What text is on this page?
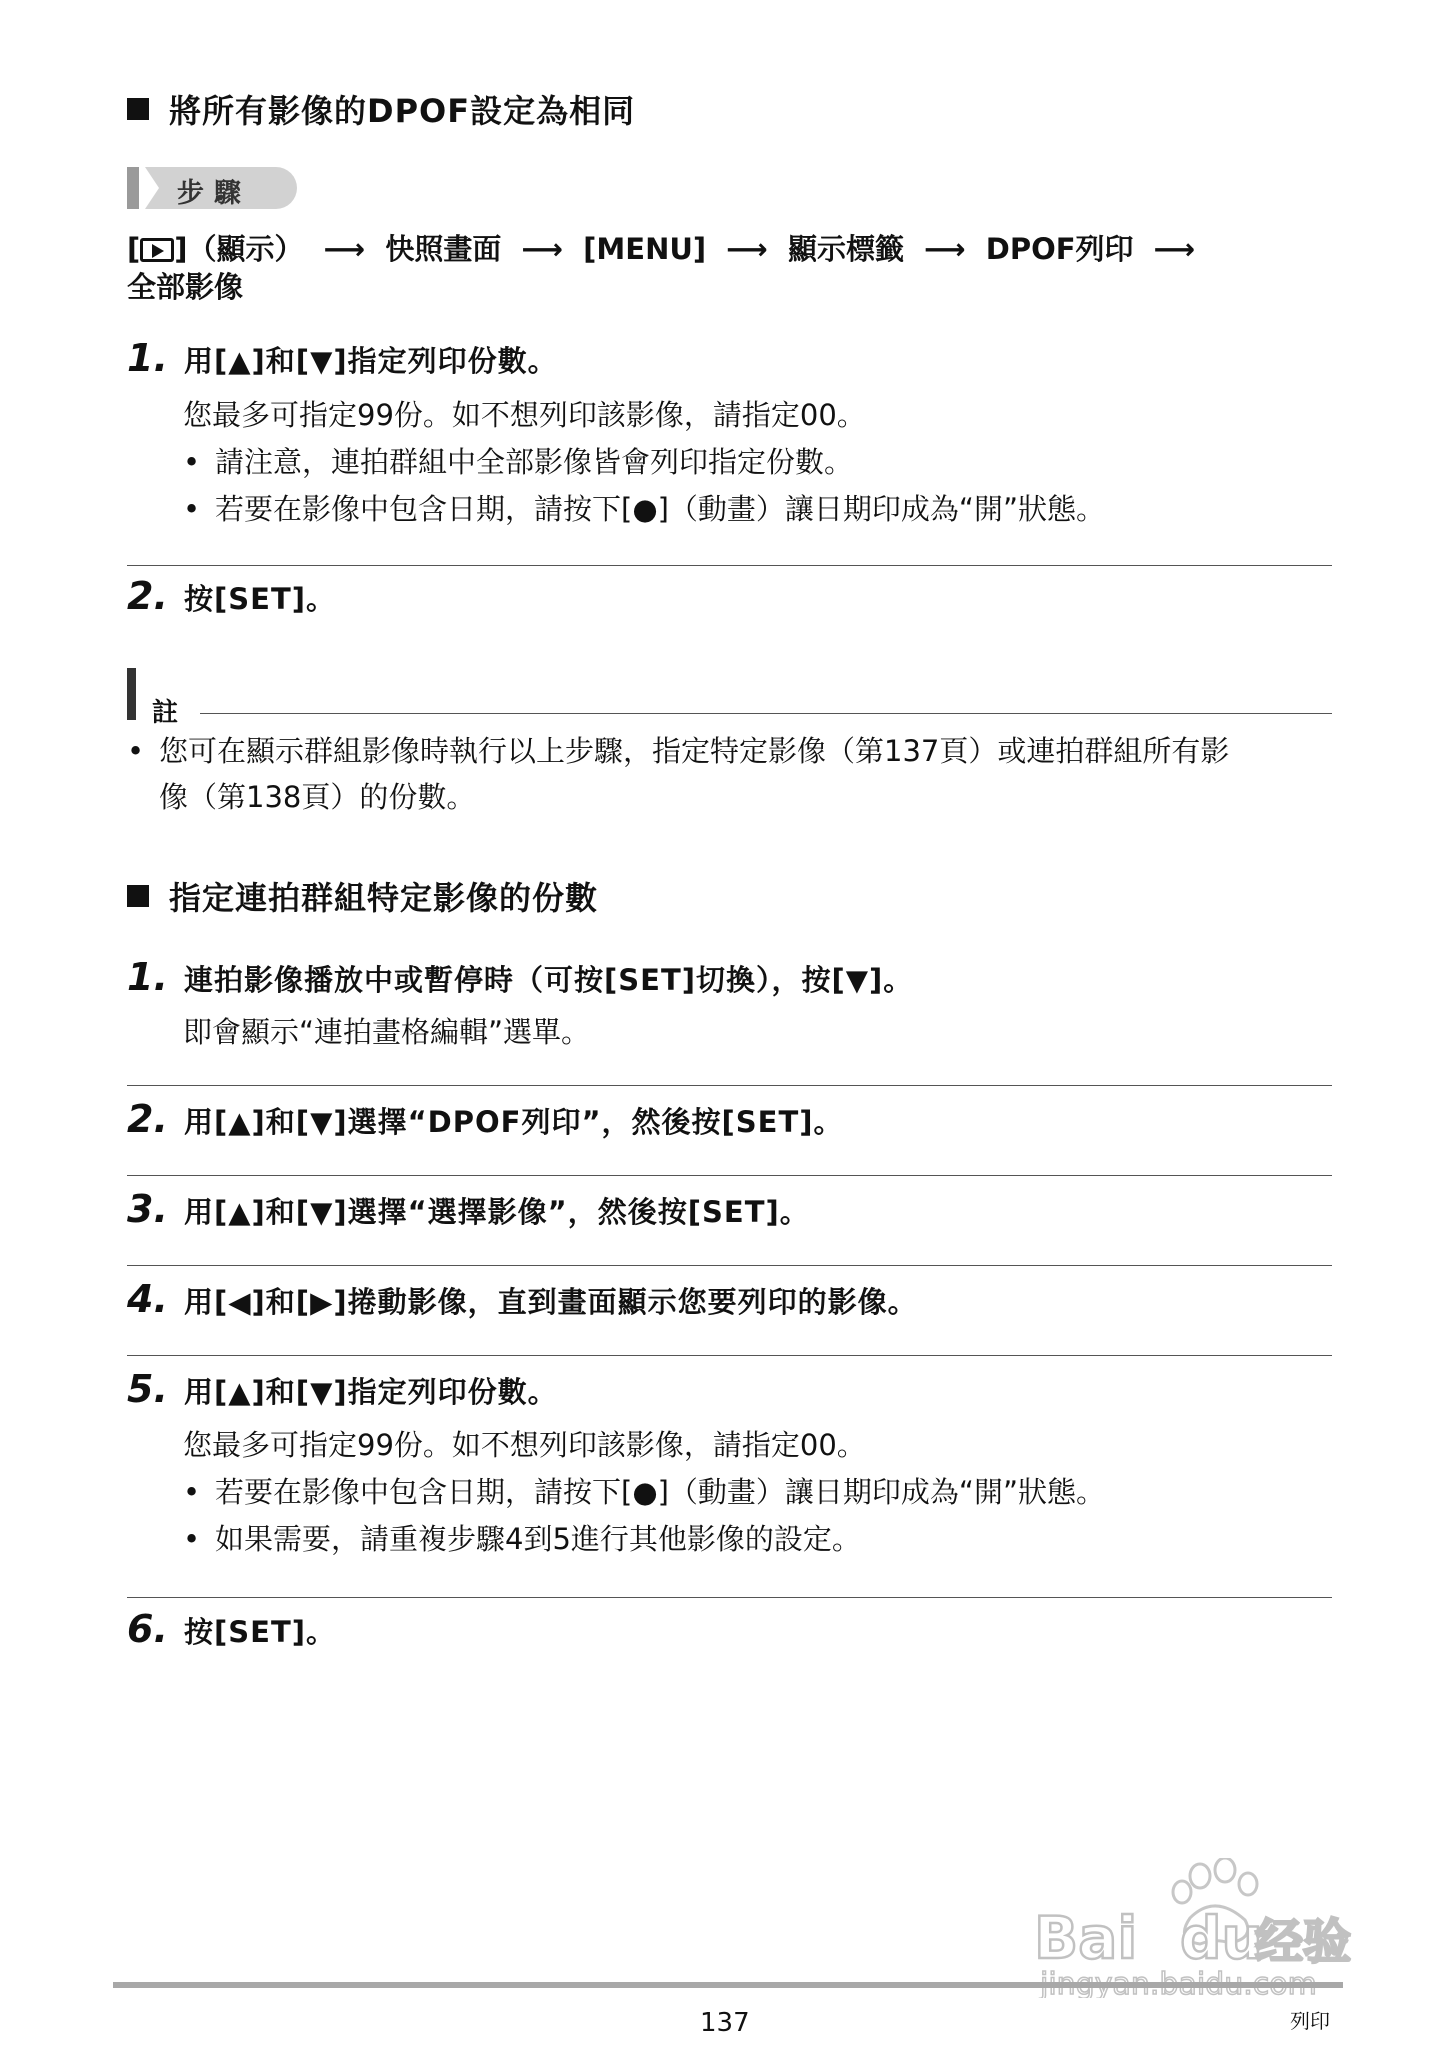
將所有影像的DPOF設定為相同
步驟
[ ]（顯示） ⟶ 快照畫面 ⟶ [MENU] ⟶ 顯示標籤 ⟶ DPOF列印 ⟶
全部影像
1. 用[▲]和[▼]指定列印份數。
您最多可指定99份。如不想列印該影像，請指定00。
• 請注意，連拍群組中全部影像皆會列印指定份數。
• 若要在影像中包含日期，請按下[●]（動畫）讓日期印成為“開”狀態。
2. 按[SET]。
註
• 您可在顯示群組影像時執行以上步驟，指定特定影像（第137頁）或連拍群組所有影
像（第138頁）的份數。
指定連拍群組特定影像的份數
1. 連拍影像播放中或暫停時（可按[SET]切換），按[▼]。
即會顯示“連拍畫格編輯”選單。
2. 用[▲]和[▼]選擇“DPOF列印”，然後按[SET]。
3. 用[▲]和[▼]選擇“選擇影像”，然後按[SET]。
4. 用[◀]和[▶]捲動影像，直到畫面顯示您要列印的影像。
5. 用[▲]和[▼]指定列印份數。
您最多可指定99份。如不想列印該影像，請指定00。
• 若要在影像中包含日期，請按下[●]（動畫）讓日期印成為“開”狀態。
• 如果需要，請重複步驟4到5進行其他影像的設定。
6. 按[SET]。
Bai du
经验
137	列印
